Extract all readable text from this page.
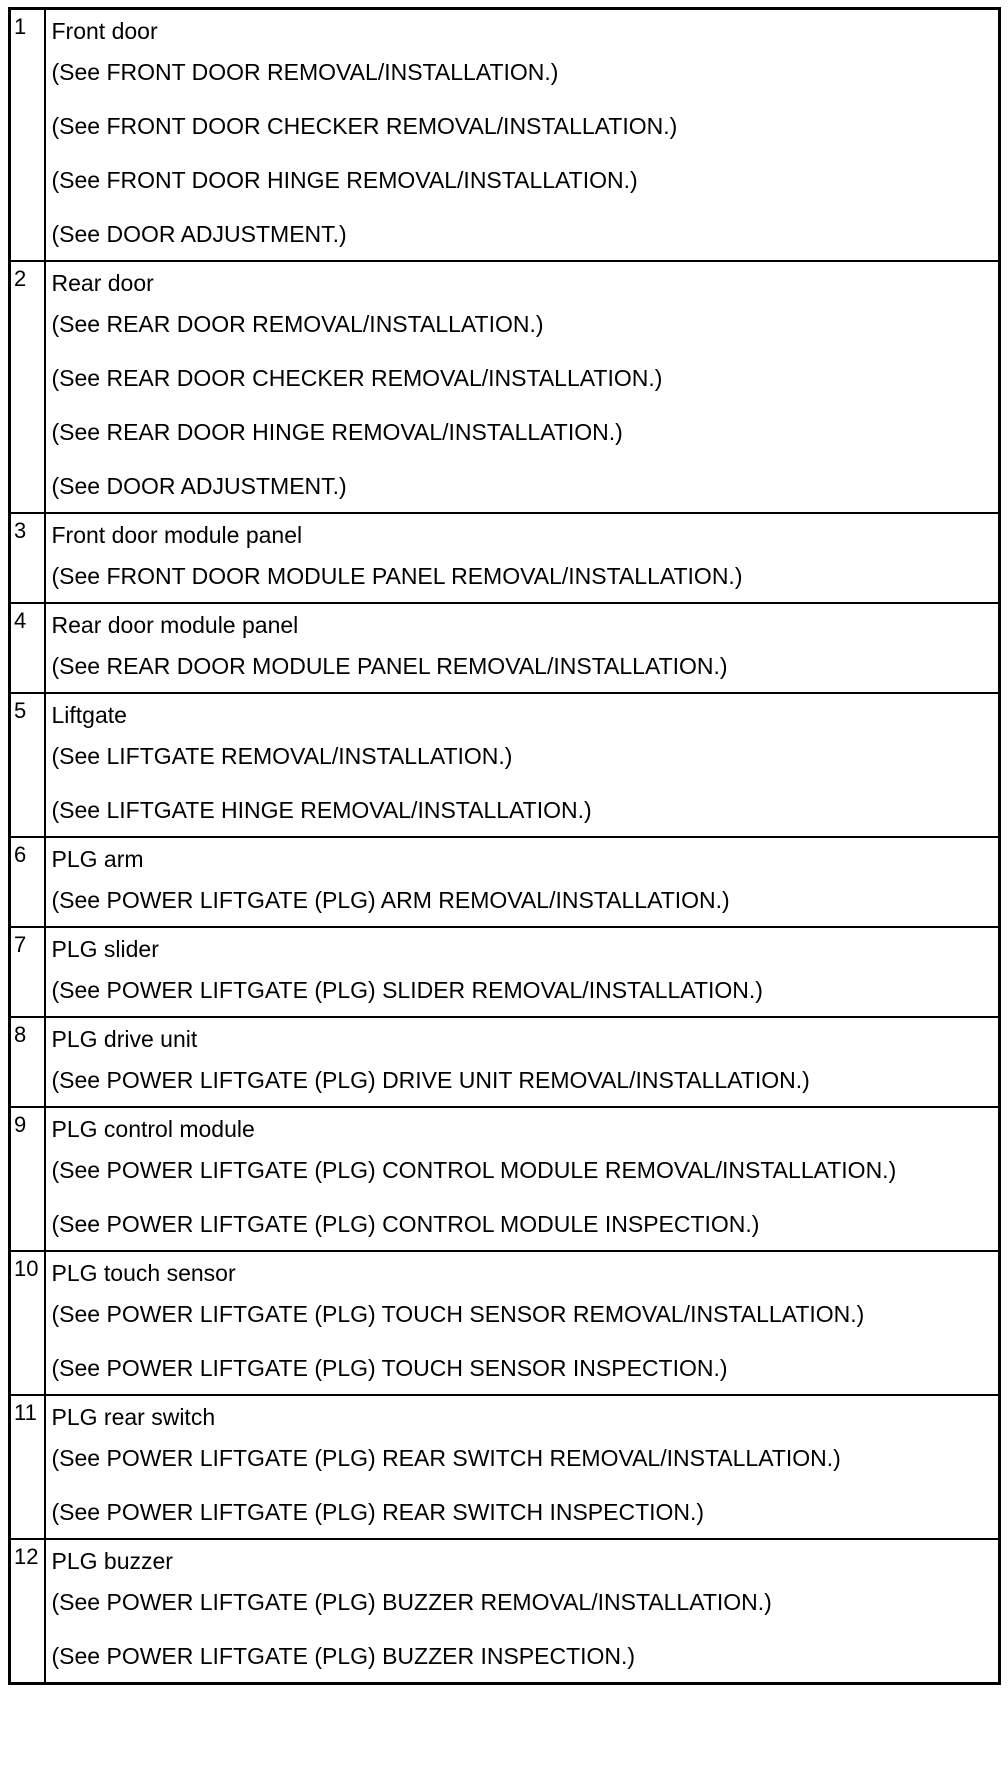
1	Front door
(See FRONT DOOR REMOVAL/INSTALLATION.)
(See FRONT DOOR CHECKER REMOVAL/INSTALLATION.)
(See FRONT DOOR HINGE REMOVAL/INSTALLATION.)
(See DOOR ADJUSTMENT.)

2	Rear door
(See REAR DOOR REMOVAL/INSTALLATION.)
(See REAR DOOR CHECKER REMOVAL/INSTALLATION.)
(See REAR DOOR HINGE REMOVAL/INSTALLATION.)
(See DOOR ADJUSTMENT.)

3	Front door module panel
(See FRONT DOOR MODULE PANEL REMOVAL/INSTALLATION.)

4	Rear door module panel
(See REAR DOOR MODULE PANEL REMOVAL/INSTALLATION.)

5	Liftgate
(See LIFTGATE REMOVAL/INSTALLATION.)
(See LIFTGATE HINGE REMOVAL/INSTALLATION.)

6	PLG arm
(See POWER LIFTGATE (PLG) ARM REMOVAL/INSTALLATION.)

7	PLG slider
(See POWER LIFTGATE (PLG) SLIDER REMOVAL/INSTALLATION.)

8	PLG drive unit
(See POWER LIFTGATE (PLG) DRIVE UNIT REMOVAL/INSTALLATION.)

9	PLG control module
(See POWER LIFTGATE (PLG) CONTROL MODULE REMOVAL/INSTALLATION.)
(See POWER LIFTGATE (PLG) CONTROL MODULE INSPECTION.)

10	PLG touch sensor
(See POWER LIFTGATE (PLG) TOUCH SENSOR REMOVAL/INSTALLATION.)
(See POWER LIFTGATE (PLG) TOUCH SENSOR INSPECTION.)

11	PLG rear switch
(See POWER LIFTGATE (PLG) REAR SWITCH REMOVAL/INSTALLATION.)
(See POWER LIFTGATE (PLG) REAR SWITCH INSPECTION.)

12	PLG buzzer
(See POWER LIFTGATE (PLG) BUZZER REMOVAL/INSTALLATION.)
(See POWER LIFTGATE (PLG) BUZZER INSPECTION.)
